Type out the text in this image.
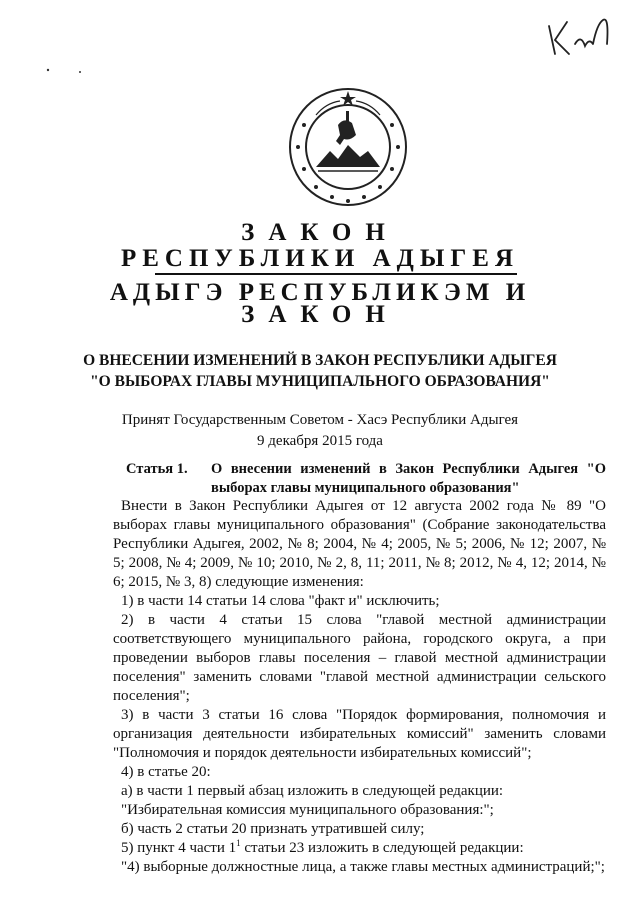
ЗАКОН
РЕСПУБЛИКИ АДЫГЕЯ
АДЫГЭ РЕСПУБЛИКЭМ И
ЗАКОН
О ВНЕСЕНИИ ИЗМЕНЕНИЙ В ЗАКОН РЕСПУБЛИКИ АДЫГЕЯ
"О ВЫБОРАХ ГЛАВЫ МУНИЦИПАЛЬНОГО ОБРАЗОВАНИЯ"
Принят Государственным Советом - Хасэ Республики Адыгея
9 декабря 2015 года
Статья 1. О внесении изменений в Закон Республики Адыгея "О выборах главы муниципального образования"

Внести в Закон Республики Адыгея от 12 августа 2002 года № 89 "О выборах главы муниципального образования" (Собрание законодательства Республики Адыгея, 2002, № 8; 2004, № 4; 2005, № 5; 2006, № 12; 2007, № 5; 2008, № 4; 2009, № 10; 2010, № 2, 8, 11; 2011, № 8; 2012, № 4, 12; 2014, № 6; 2015, № 3, 8) следующие изменения:

1) в части 14 статьи 14 слова "факт и" исключить;

2) в части 4 статьи 15 слова "главой местной администрации соответствующего муниципального района, городского округа, а при проведении выборов главы поселения – главой местной администрации поселения" заменить словами "главой местной администрации сельского поселения";

3) в части 3 статьи 16 слова "Порядок формирования, полномочия и организация деятельности избирательных комиссий" заменить словами "Полномочия и порядок деятельности избирательных комиссий";

4) в статье 20:

а) в части 1 первый абзац изложить в следующей редакции:

"Избирательная комиссия муниципального образования:";

б) часть 2 статьи 20 признать утратившей силу;

5) пункт 4 части $1^1$ статьи 23 изложить в следующей редакции:

"4) выборные должностные лица, а также главы местных администраций;";
